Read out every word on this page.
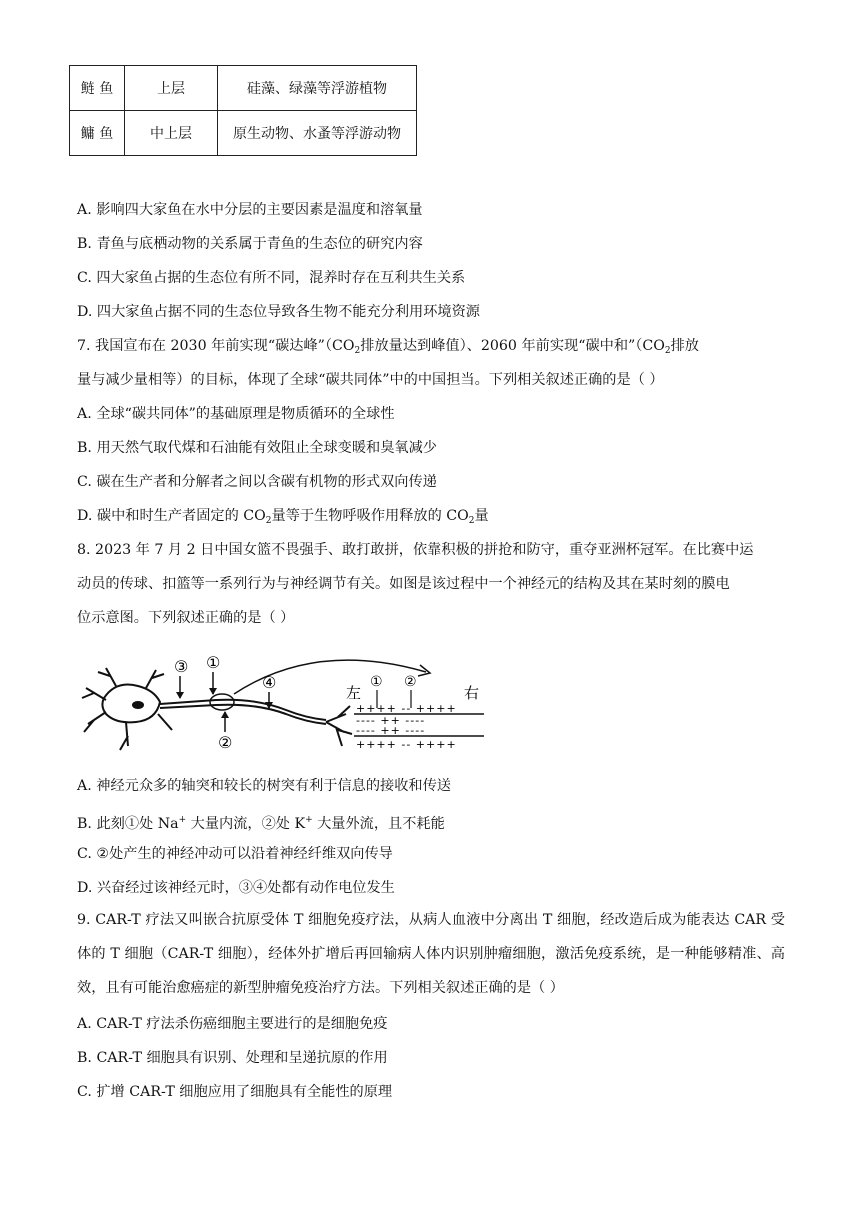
鲢 鱼	上层	硅藻、绿藻等浮游植物
鳙 鱼	中上层	原生动物、水蚤等浮游动物
A. 影响四大家鱼在水中分层的主要因素是温度和溶氧量
B. 青鱼与底栖动物的关系属于青鱼的生态位的研究内容
C. 四大家鱼占据的生态位有所不同，混养时存在互利共生关系
D. 四大家鱼占据不同的生态位导致各生物不能充分利用环境资源
7. 我国宣布在 2030 年前实现“碳达峰$”(CO_2$排放量达到峰值）、2060 年前实现“碳中和$”(CO_2$排放
量与减少量相等）的目标，体现了全球“碳共同体”中的中国担当。下列相关叙述正确的是（ ）
A. 全球“碳共同体”的基础原理是物质循环的全球性
B. 用天然气取代煤和石油能有效阻止全球变暖和臭氧减少
C. 碳在生产者和分解者之间以含碳有机物的形式双向传递
D. 碳中和时生产者固定的 $CO_2$量等于生物呼吸作用释放的 $CO_2$量
8. 2023 年 7 月 2 日中国女篮不畏强手、敢打敢拼，依靠积极的拼抢和防守，重夺亚洲杯冠军。在比赛中运
动员的传球、扣篮等一系列行为与神经调节有关。如图是该过程中一个神经元的结构及其在某时刻的膜电
位示意图。下列叙述正确的是（ ）
③ ①
④
②
左	右
① ②
++++ -- ++++
---- ++ ----
---- ++ ----
++++ -- ++++
A. 神经元众多的轴突和较长的树突有利于信息的接收和传送
B. 此刻①处 Na+ 大量内流，②处 K+ 大量外流，且不耗能
C. ②处产生的神经冲动可以沿着神经纤维双向传导
D. 兴奋经过该神经元时，③④处都有动作电位发生
9. CAR-T 疗法又叫嵌合抗原受体 T 细胞免疫疗法，从病人血液中分离出 T 细胞，经改造后成为能表达 CAR 受体的 T 细胞（CAR-T 细胞），经体外扩增后再回输病人体内识别肿瘤细胞，激活免疫系统，是一种能够精准、高效，且有可能治愈癌症的新型肿瘤免疫治疗方法。下列相关叙述正确的是（ ）
A. CAR-T 疗法杀伤癌细胞主要进行的是细胞免疫
B. CAR-T 细胞具有识别、处理和呈递抗原的作用
C. 扩增 CAR-T 细胞应用了细胞具有全能性的原理
